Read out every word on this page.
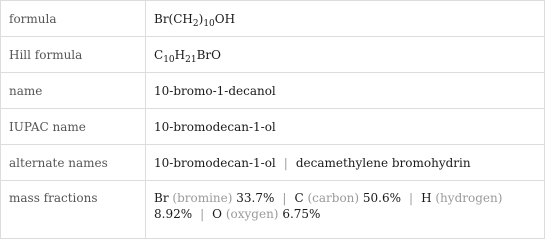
formula	$Br(CH_2)_{10}OH$
Hill formula	$C_{10}H_{21}BrO$
name	10-bromo-1-decanol
IUPAC name	10-bromodecan-1-ol
alternate names	10-bromodecan-1-ol | decamethylene bromohydrin
mass fractions	Br (bromine) 33.7% | C (carbon) 50.6% | H (hydrogen)
8.92% | O (oxygen) 6.75%
